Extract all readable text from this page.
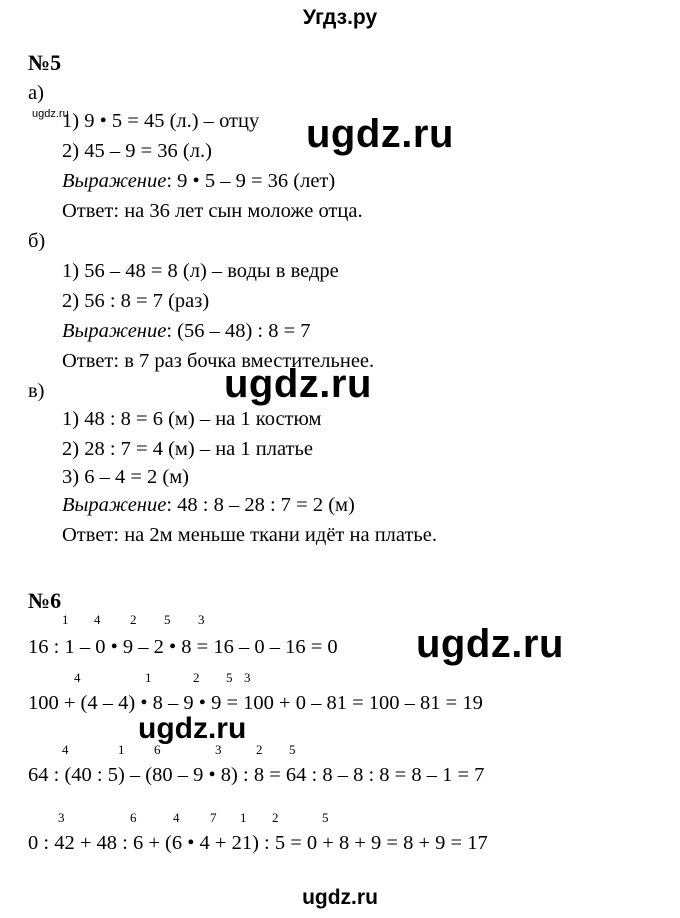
Угдз.ру
№5
а)
ugdz.ru
1) 9 • 5 = 45 (л.) – отцу ugdz.ru
2) 45 – 9 = 36 (л.)
Выражение: 9 • 5 – 9 = 36 (лет)
Ответ: на 36 лет сын моложе отца.
б)
1) 56 – 48 = 8 (л) – воды в ведре
2) 56 : 8 = 7 (раз)
Выражение: (56 – 48) : 8 = 7
Ответ: в 7 раз бочка вместительнее.
ugdz.ru
в)
1) 48 : 8 = 6 (м) – на 1 костюм
2) 28 : 7 = 4 (м) – на 1 платье
3) 6 – 4 = 2 (м)
Выражение: 48 : 8 – 28 : 7 = 2 (м)
Ответ: на 2м меньше ткани идёт на платье.
№6
16 : 1 – 0 • 9 – 2 • 8 = 16 – 0 – 16 = 0
1 4 2 5 3
100 + (4 – 4) • 8 – 9 • 9 = 100 + 0 – 81 = 100 – 81 = 19
4	1	2 5 3
64 : (40 : 5) – (80 – 9 • 8) : 8 = 64 : 8 – 8 : 8 = 8 – 1 = 7
4	1 6	3	2 5
0 : 42 + 48 : 6 + (6 • 4 + 21) : 5 = 0 + 8 + 9 = 8 + 9 = 17
3	6	4 7 1 2	5
ugdz.ru
ugdz.ru
ugdz.ru
